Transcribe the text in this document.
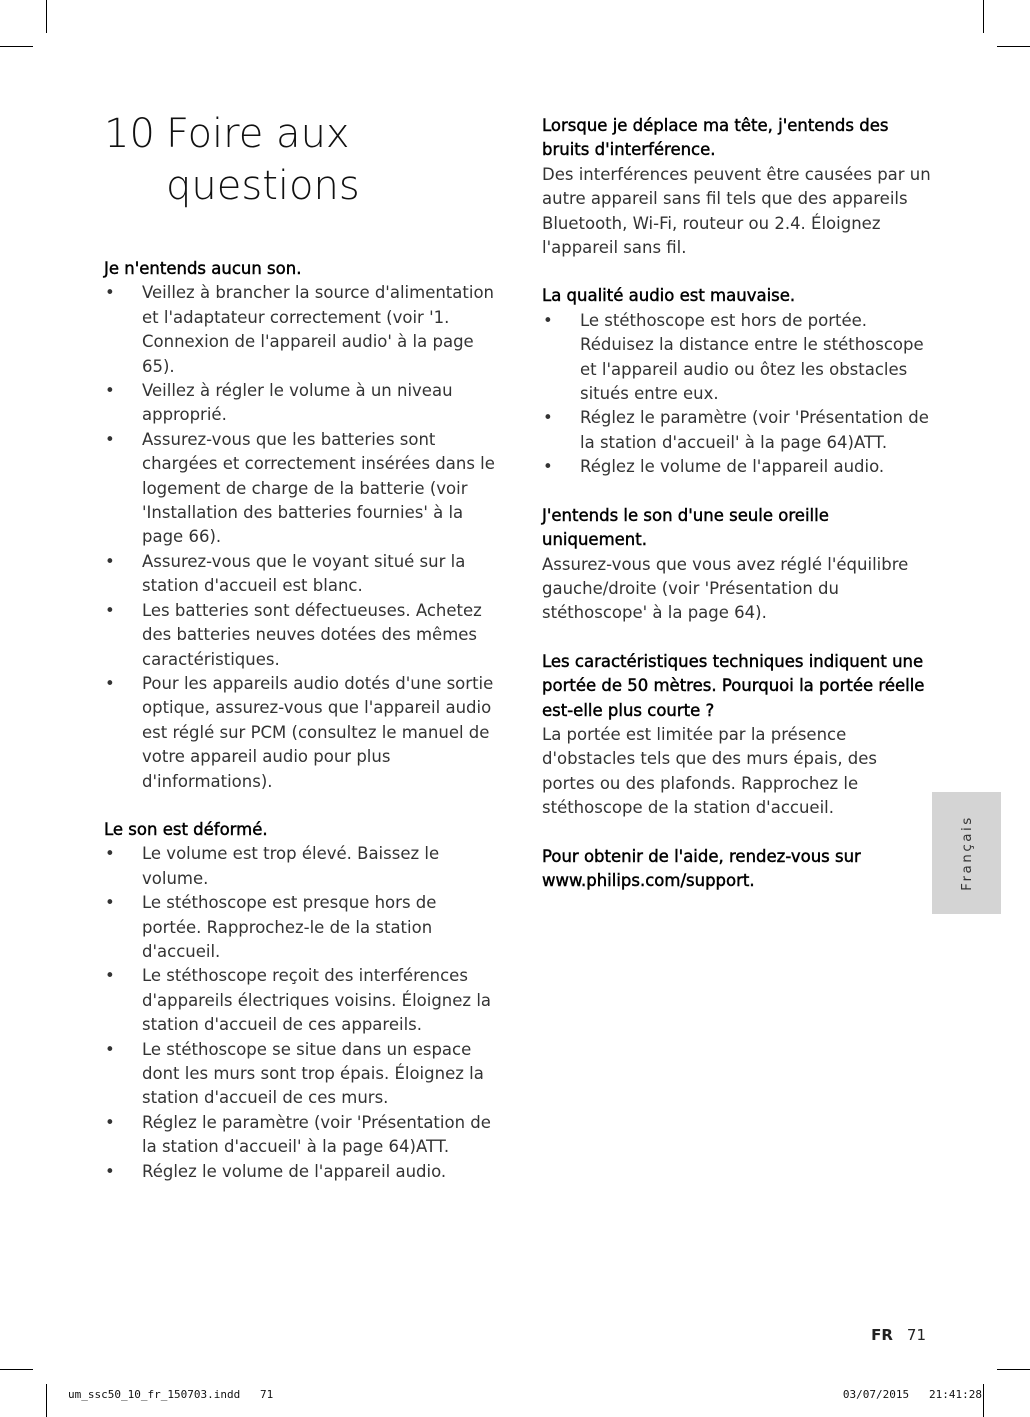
10 Foire aux questions
Je n'entends aucun son.
• Veillez à brancher la source d'alimentation et l'adaptateur correctement (voir '1. Connexion de l'appareil audio' à la page 65).
• Veillez à régler le volume à un niveau approprié.
• Assurez-vous que les batteries sont chargées et correctement insérées dans le logement de charge de la batterie (voir 'Installation des batteries fournies' à la page 66).
• Assurez-vous que le voyant situé sur la station d'accueil est blanc.
• Les batteries sont défectueuses. Achetez des batteries neuves dotées des mêmes caractéristiques.
• Pour les appareils audio dotés d'une sortie optique, assurez-vous que l'appareil audio est réglé sur PCM (consultez le manuel de votre appareil audio pour plus d'informations).
Le son est déformé.
• Le volume est trop élevé. Baissez le volume.
• Le stéthoscope est presque hors de portée. Rapprochez-le de la station d'accueil.
• Le stéthoscope reçoit des interférences d'appareils électriques voisins. Éloignez la station d'accueil de ces appareils.
• Le stéthoscope se situe dans un espace dont les murs sont trop épais. Éloignez la station d'accueil de ces murs.
• Réglez le paramètre (voir 'Présentation de la station d'accueil' à la page 64)ATT.
• Réglez le volume de l'appareil audio.
Lorsque je déplace ma tête, j'entends des bruits d'interférence.

Des interférences peuvent être causées par un autre appareil sans fil tels que des appareils Bluetooth, Wi-Fi, routeur ou 2.4. Éloignez l'appareil sans fil.

La qualité audio est mauvaise.
• Le stéthoscope est hors de portée. Réduisez la distance entre le stéthoscope et l'appareil audio ou ôtez les obstacles situés entre eux.
• Réglez le paramètre (voir 'Présentation de la station d'accueil' à la page 64)ATT.
• Réglez le volume de l'appareil audio.
J'entends le son d'une seule oreille uniquement.

Assurez-vous que vous avez réglé l'équilibre gauche/droite (voir 'Présentation du stéthoscope' à la page 64).

Les caractéristiques techniques indiquent une portée de 50 mètres. Pourquoi la portée réelle est-elle plus courte ?

La portée est limitée par la présence d'obstacles tels que des murs épais, des portes ou des plafonds. Rapprochez le stéthoscope de la station d'accueil.

Pour obtenir de l'aide, rendez-vous sur www.philips.com/support.	Français
FR 71
um_ssc50_10_fr_150703.indd   71	03/07/2015   21:41:28
